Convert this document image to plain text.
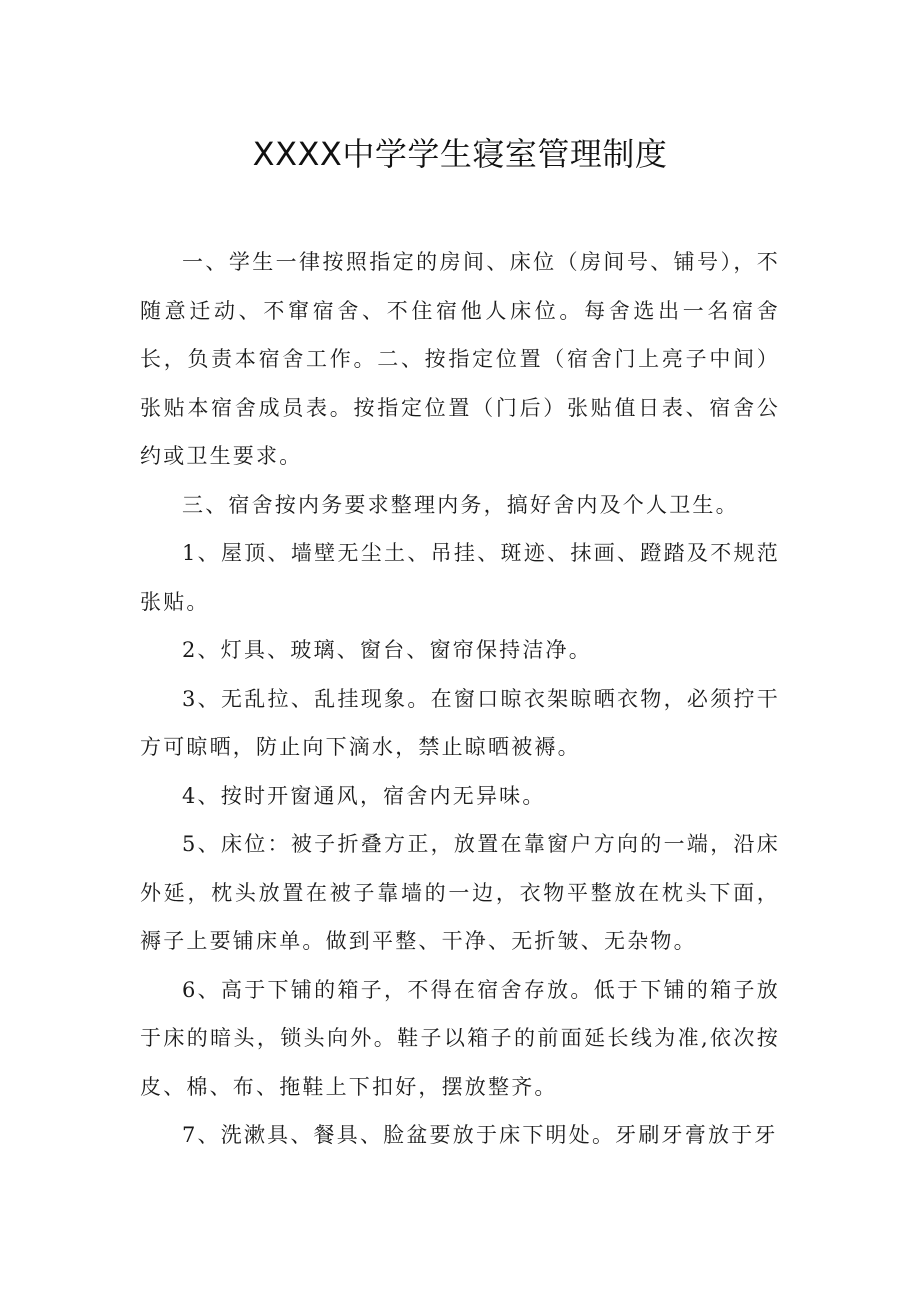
XXXX中学学生寝室管理制度

一、学生一律按照指定的房间、床位（房间号、铺号），不随意迁动、不窜宿舍、不住宿他人床位。每舍选出一名宿舍长，负责本宿舍工作。二、按指定位置（宿舍门上亮子中间）张贴本宿舍成员表。按指定位置（门后）张贴值日表、宿舍公约或卫生要求。

三、宿舍按内务要求整理内务，搞好舍内及个人卫生。

1、屋顶、墙壁无尘土、吊挂、斑迹、抹画、蹬踏及不规范张贴。

2、灯具、玻璃、窗台、窗帘保持洁净。

3、无乱拉、乱挂现象。在窗口晾衣架晾晒衣物，必须拧干方可晾晒，防止向下滴水，禁止晾晒被褥。

4、按时开窗通风，宿舍内无异味。

5、床位：被子折叠方正，放置在靠窗户方向的一端，沿床外延，枕头放置在被子靠墙的一边，衣物平整放在枕头下面，褥子上要铺床单。做到平整、干净、无折皱、无杂物。

6、高于下铺的箱子，不得在宿舍存放。低于下铺的箱子放于床的暗头，锁头向外。鞋子以箱子的前面延长线为准,依次按皮、棉、布、拖鞋上下扣好，摆放整齐。

7、洗漱具、餐具、脸盆要放于床下明处。牙刷牙膏放于牙
